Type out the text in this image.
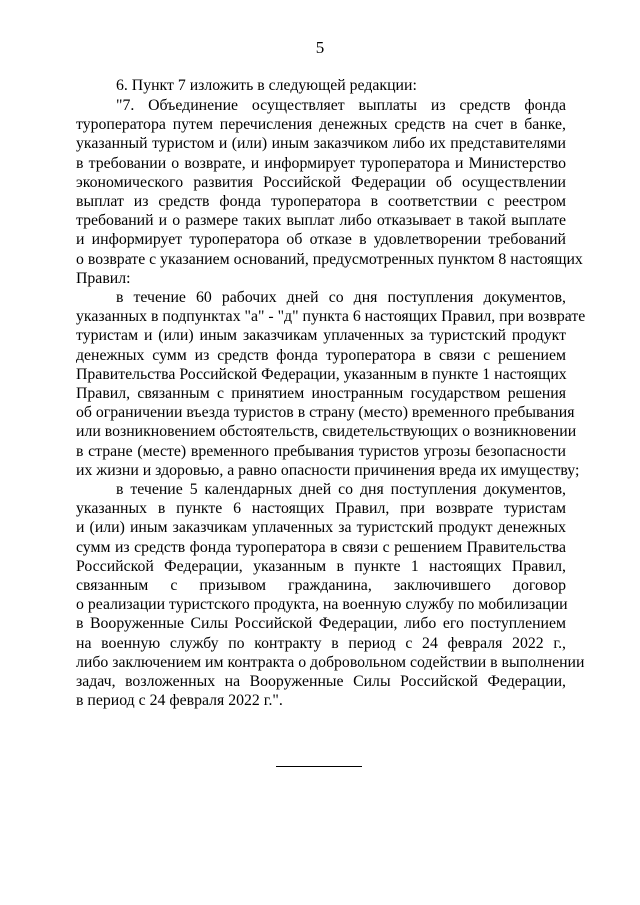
5
6. Пункт 7 изложить в следующей редакции:
"7. Объединение осуществляет выплаты из средств фонда
туроператора путем перечисления денежных средств на счет в банке,
указанный туристом и (или) иным заказчиком либо их представителями
в требовании о возврате, и информирует туроператора и Министерство
экономического развития Российской Федерации об осуществлении
выплат из средств фонда туроператора в соответствии с реестром
требований и о размере таких выплат либо отказывает в такой выплате
и информирует туроператора об отказе в удовлетворении требований
о возврате с указанием оснований, предусмотренных пунктом 8 настоящих
Правил:
в течение 60 рабочих дней со дня поступления документов,
указанных в подпунктах "а" - "д" пункта 6 настоящих Правил, при возврате
туристам и (или) иным заказчикам уплаченных за туристский продукт
денежных сумм из средств фонда туроператора в связи с решением
Правительства Российской Федерации, указанным в пункте 1 настоящих
Правил, связанным с принятием иностранным государством решения
об ограничении въезда туристов в страну (место) временного пребывания
или возникновением обстоятельств, свидетельствующих о возникновении
в стране (месте) временного пребывания туристов угрозы безопасности
их жизни и здоровью, а равно опасности причинения вреда их имуществу;
в течение 5 календарных дней со дня поступления документов,
указанных в пункте 6 настоящих Правил, при возврате туристам
и (или) иным заказчикам уплаченных за туристский продукт денежных
сумм из средств фонда туроператора в связи с решением Правительства
Российской Федерации, указанным в пункте 1 настоящих Правил,
связанным с призывом гражданина, заключившего договор
о реализации туристского продукта, на военную службу по мобилизации
в Вооруженные Силы Российской Федерации, либо его поступлением
на военную службу по контракту в период с 24 февраля 2022 г.,
либо заключением им контракта о добровольном содействии в выполнении
задач, возложенных на Вооруженные Силы Российской Федерации,
в период с 24 февраля 2022 г.".
